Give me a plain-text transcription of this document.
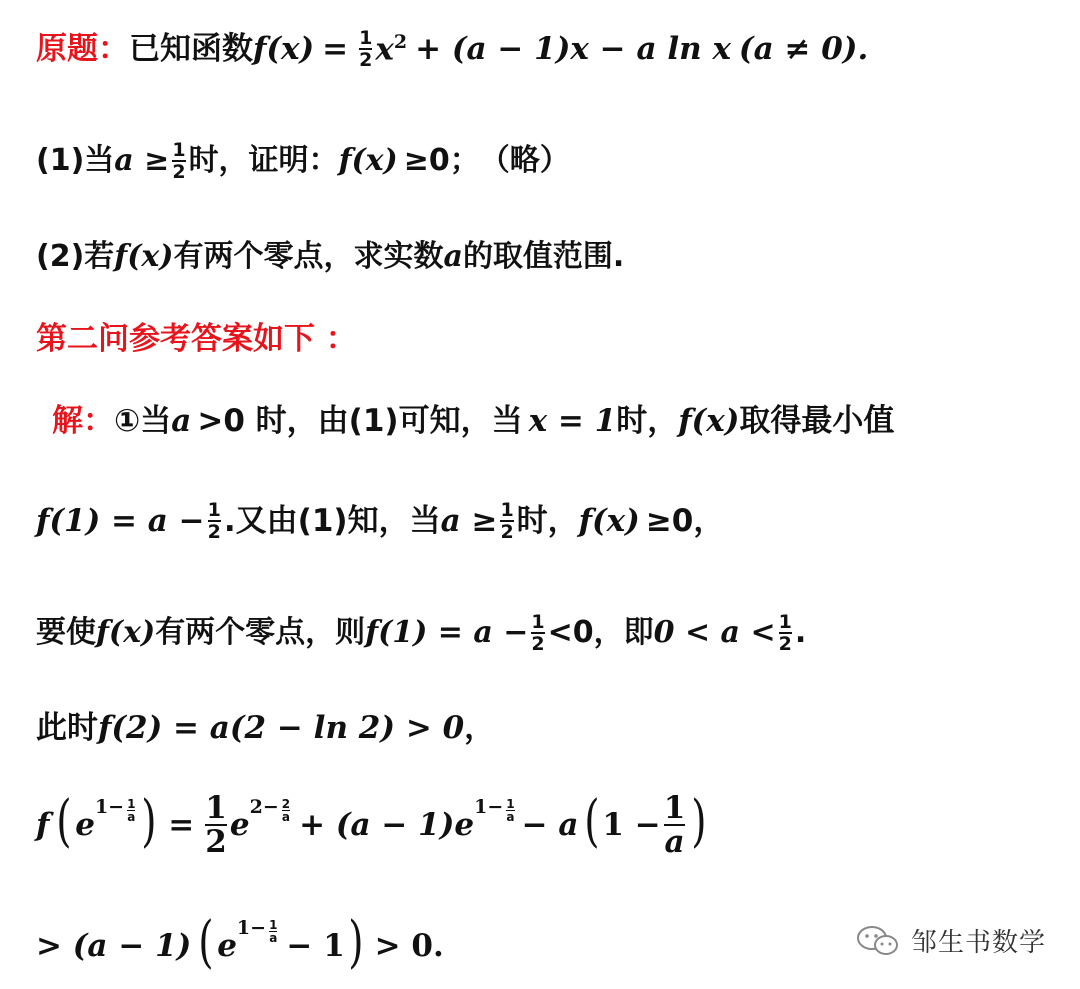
原题： 已知函数 $f(x) = \frac{1}{2} x^2 + (a - 1)x - a$ ln x (a ≠ 0).
(1)当 $a \ge \frac{1}{2}$ 时，证明： f(x) ≥0； （略）
(2)若 f(x) 有两个零点，求实数 a 的取值范围.
第二问参考答案如下 ：
解： ①当 a >0 时，由(1)可知，当 x = 1 时， f(x) 取得最小值
$f(1) = a - \frac{1}{2}$ .又由(1)知，当 $a \ge \frac{1}{2}$ 时， f(x) ≥0，
要使 f(x) 有两个零点，则 $f(1) = a - \frac{1}{2} <0$，即 $0 < a < \frac{1}{2}$ .
此时 f(2) = a(2 − ln 2) > 0 ，
f ( e $1- \frac{1}{a}$ ) = $\frac{1}{2}$ e $2- \frac{2}{a} + (a - 1)e$ $1- \frac{1}{a} - a$ ( $1 - \frac{1}{a}$ )
> (a − 1) ( e $1- \frac{1}{a} - 1$ ) > 0.	邹生书数学
